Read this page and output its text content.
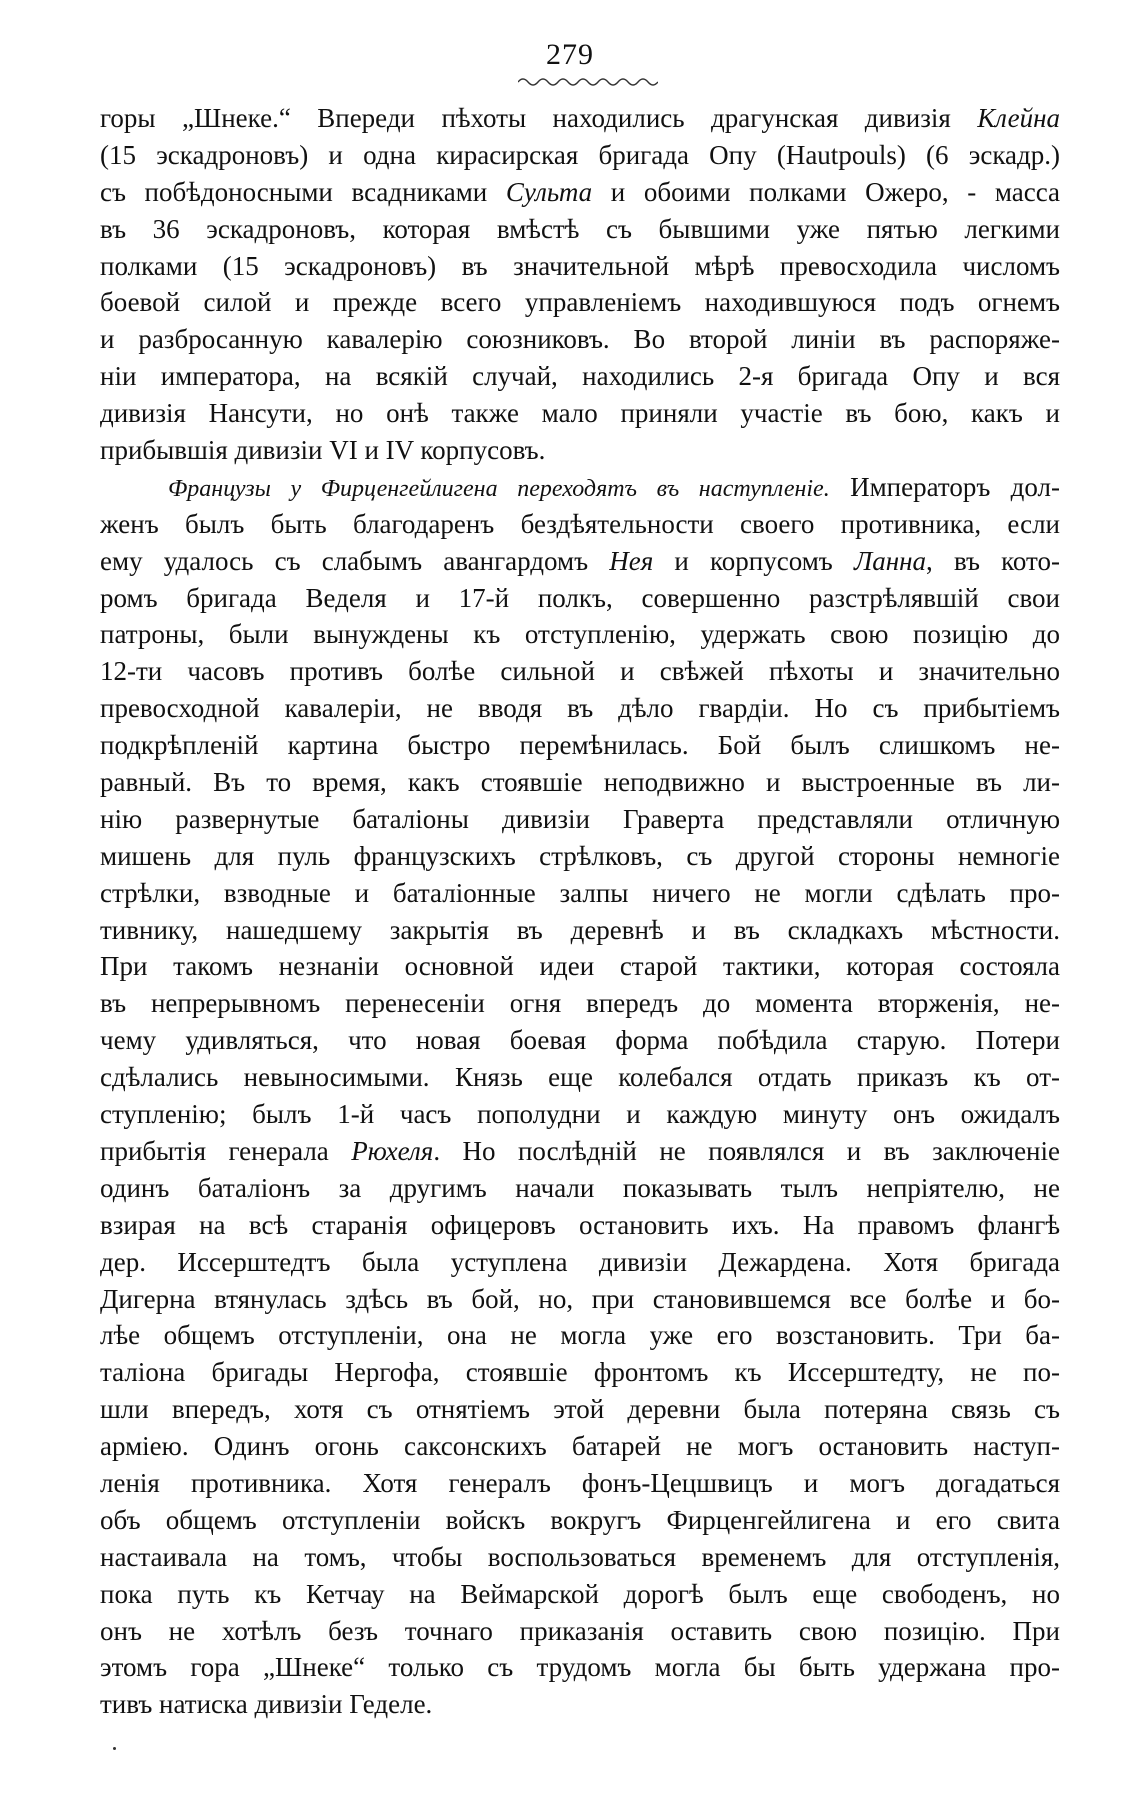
279
горы „Шнеке.“ Впереди пѣхоты находились драгунская дивизія Клейна
(15 эскадроновъ) и одна кирасирская бригада Опу (Hautpouls) (6 эскадр.)
съ побѣдоносными всадниками Сульта и обоими полками Ожеро, - масса
въ 36 эскадроновъ, которая вмѣстѣ съ бывшими уже пятью легкими
полками (15 эскадроновъ) въ значительной мѣрѣ превосходила числомъ
боевой силой и прежде всего управленіемъ находившуюся подъ огнемъ
и разбросанную кавалерію союзниковъ. Во второй линіи въ распоряже-
ніи императора, на всякій случай, находились 2-я бригада Опу и вся
дивизія Нансути, но онѣ также мало приняли участіе въ бою, какъ и
прибывшія дивизіи VI и IV корпусовъ.
Французы у Фирценгейлигена переходятъ въ наступленіе. Императоръ дол-
женъ былъ быть благодаренъ бездѣятельности своего противника, если
ему удалось съ слабымъ авангардомъ Нея и корпусомъ Ланна, въ кото-
ромъ бригада Веделя и 17-й полкъ, совершенно разстрѣлявшій свои
патроны, были вынуждены къ отступленію, удержать свою позицію до
12-ти часовъ противъ болѣе сильной и свѣжей пѣхоты и значительно
превосходной кавалеріи, не вводя въ дѣло гвардіи. Но съ прибытіемъ
подкрѣпленій картина быстро перемѣнилась. Бой былъ слишкомъ не-
равный. Въ то время, какъ стоявшіе неподвижно и выстроенные въ ли-
нію развернутые баталіоны дивизіи Граверта представляли отличную
мишень для пуль французскихъ стрѣлковъ, съ другой стороны немногіе
стрѣлки, взводные и баталіонные залпы ничего не могли сдѣлать про-
тивнику, нашедшему закрытія въ деревнѣ и въ складкахъ мѣстности.
При такомъ незнаніи основной идеи старой тактики, которая состояла
въ непрерывномъ перенесеніи огня впередъ до момента вторженія, не-
чему удивляться, что новая боевая форма побѣдила старую. Потери
сдѣлались невыносимыми. Князь еще колебался отдать приказъ къ от-
ступленію; былъ 1-й часъ пополудни и каждую минуту онъ ожидалъ
прибытія генерала Рюхеля. Но послѣдній не появлялся и въ заключеніе
одинъ баталіонъ за другимъ начали показывать тылъ непріятелю, не
взирая на всѣ старанія офицеровъ остановить ихъ. На правомъ флангѣ
дер. Иссерштедтъ была уступлена дивизіи Дежардена. Хотя бригада
Дигерна втянулась здѣсь въ бой, но, при становившемся все болѣе и бо-
лѣе общемъ отступленіи, она не могла уже его возстановить. Три ба-
таліона бригады Нергофа, стоявшіе фронтомъ къ Иссерштедту, не по-
шли впередъ, хотя съ отнятіемъ этой деревни была потеряна связь съ
арміею. Одинъ огонь саксонскихъ батарей не могъ остановить наступ-
ленія противника. Хотя генералъ фонъ-Цецшвицъ и могъ догадаться
объ общемъ отступленіи войскъ вокругъ Фирценгейлигена и его свита
настаивала на томъ, чтобы воспользоваться временемъ для отступленія,
пока путь къ Кетчау на Веймарской дорогѣ былъ еще свободенъ, но
онъ не хотѣлъ безъ точнаго приказанія оставить свою позицію. При
этомъ гора „Шнеке“ только съ трудомъ могла бы быть удержана про-
тивъ натиска дивизіи Геделе.
